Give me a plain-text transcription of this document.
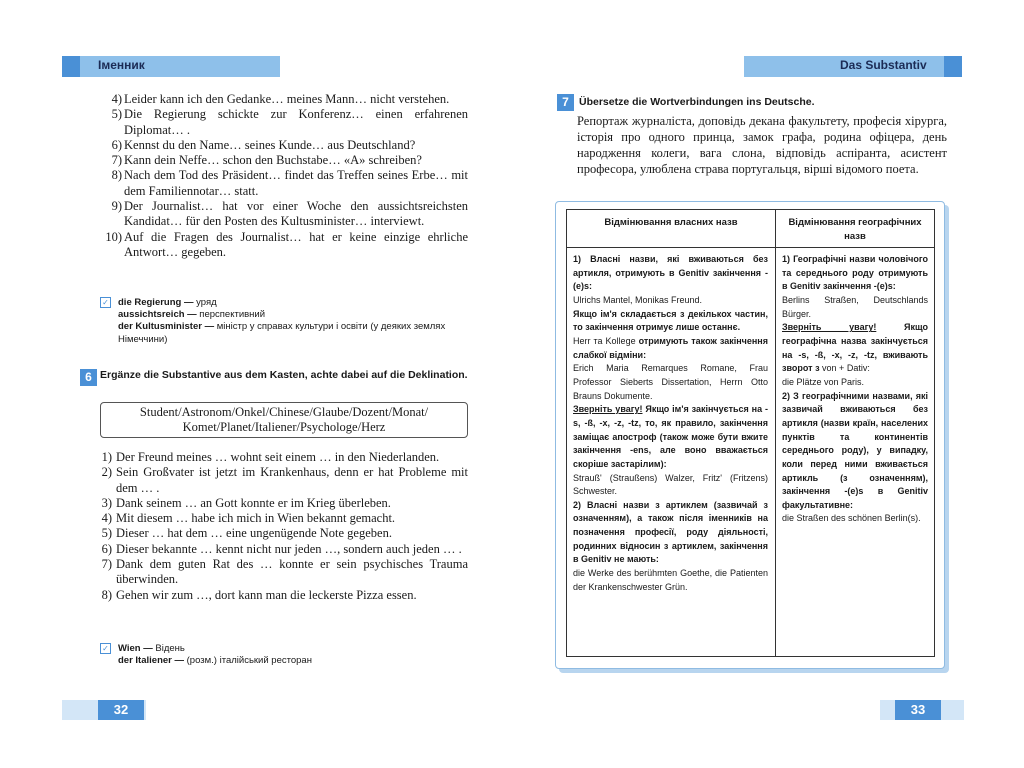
Іменник
4) Leider kann ich den Gedanke… meines Mann… nicht verstehen.
5) Die Regierung schickte zur Konferenz… einen erfahrenen Diplomat… .
6) Kennst du den Name… seines Kunde… aus Deutschland?
7) Kann dein Neffe… schon den Buchstabe… «A» schreiben?
8) Nach dem Tod des Präsident… findet das Treffen seines Erbe… mit dem Familiennotar… statt.
9) Der Journalist… hat vor einer Woche den aussichtsreichsten Kandidat… für den Posten des Kultusminister… interviewt.
10) Auf die Fragen des Journalist… hat er keine einzige ehrliche Antwort… gegeben.
✓ die Regierung — уряд
aussichtsreich — перспективний
der Kultusminister — міністр у справах культури і освіти (у деяких землях Німеччини)
6 Ergänze die Substantive aus dem Kasten, achte dabei auf die Deklination.
Student/Astronom/Onkel/Chinese/Glaube/Dozent/Monat/
Komet/Planet/Italiener/Psychologe/Herz
1) Der Freund meines … wohnt seit einem … in den Niederlanden.
2) Sein Großvater ist jetzt im Krankenhaus, denn er hat Probleme mit dem … .
3) Dank seinem … an Gott konnte er im Krieg überleben.
4) Mit diesem … habe ich mich in Wien bekannt gemacht.
5) Dieser … hat dem … eine ungenügende Note gegeben.
6) Dieser bekannte … kennt nicht nur jeden …, sondern auch jeden … .
7) Dank dem guten Rat des … konnte er sein psychisches Trauma überwinden.
8) Gehen wir zum …, dort kann man die leckerste Pizza essen.
✓ Wien — Відень
der Italiener — (розм.) італійський ресторан
32
Das Substantiv
7 Übersetze die Wortverbindungen ins Deutsche.
Репортаж журналіста, доповідь декана факультету, професія хірурга, історія про одного принца, замок графа, родина офіцера, день народження колеги, вага слона, відповідь аспіранта, асистент професора, улюблена страва португальця, вірші відомого поета.
Відмінювання власних назв	Відмінювання географічних назв
1) Власні назви, які вживаються без артикля, отримують в Genitiv закінчення -(e)s:
Ulrichs Mantel, Monikas Freund.
Якщо ім'я складається з декількох частин, то закінчення отримує лише останнє.
Herr та Kollege отримують також закінчення слабкої відміни:
Erich Maria Remarques Romane, Frau Professor Sieberts Dissertation, Herrn Otto Brauns Dokumente.
Зверніть увагу! Якщо ім'я закінчується на -s, -ß, -x, -z, -tz, то, як правило, закінчення заміщає апостроф (також може бути вжите закінчення -ens, але воно вважається скоріше застарілим):
Strauß' (Straußens) Walzer, Fritz' (Fritzens) Schwester.
2) Власні назви з артиклем (зазвичай з означенням), а також після іменників на позначення професії, роду діяльності, родинних відносин з артиклем, закінчення в Genitiv не мають:
die Werke des berühmten Goethe, die Patienten der Krankenschwester Grün.
1) Географічні назви чоловічого та середнього роду отримують в Genitiv закінчення -(e)s:
Berlins Straßen, Deutschlands Bürger.
Зверніть увагу! Якщо географічна назва закінчується на -s, -ß, -x, -z, -tz, вживають зворот з von + Dativ:
die Plätze von Paris.
2) З географічними назвами, які зазвичай вживаються без артикля (назви країн, населених пунктів та континентів середнього роду), у випадку, коли перед ними вживається артикль (з означенням), закінчення -(e)s в Genitiv факультативне:
die Straßen des schönen Berlin(s).
33
